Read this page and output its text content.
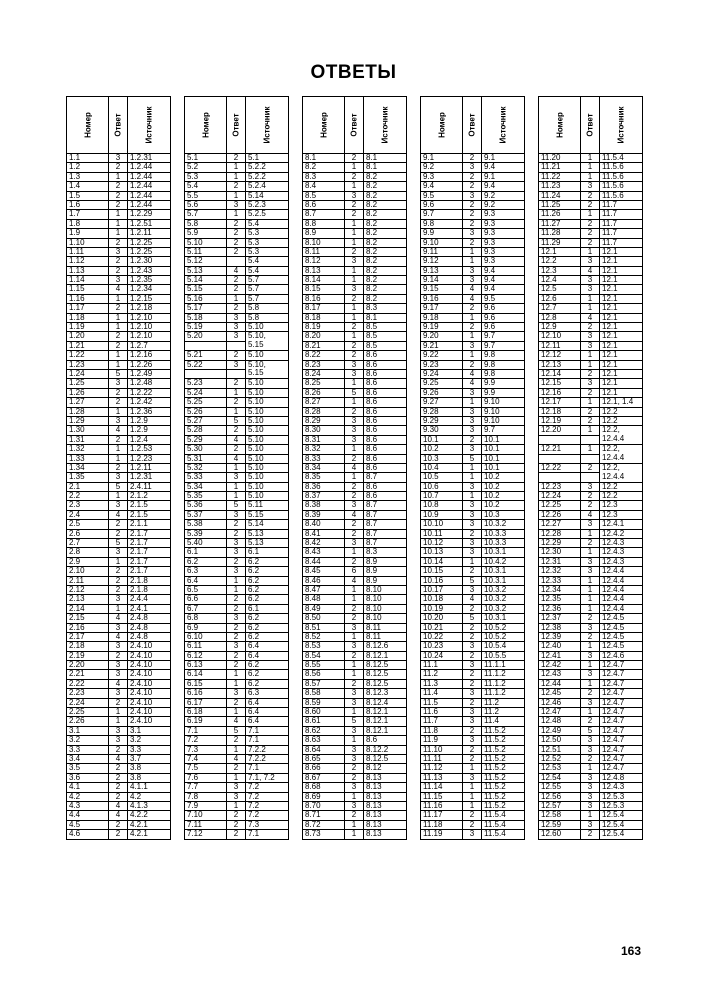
ОТВЕТЫ
Номер	Ответ	Источник

1.1	3	1.2.31
1.2	2	1.2.44
1.3	1	1.2.44
1.4	2	1.2.44
1.5	2	1.2.44
1.6	2	1.2.44
1.7	1	1.2.29
1.8	1	1.2.51
1.9	1	1.2.11
1.10	2	1.2.25
1.11	3	1.2.25
1.12	2	1.2.30
1.13	2	1.2.43
1.14	3	1.2.35
1.15	4	1.2.34
1.16	1	1.2.15
1.17	2	1.2.18
1.18	1	1.2.10
1.19	1	1.2.10
1.20	2	1.2.10
1.21	2	1.2.7
1.22	1	1.2.16
1.23	1	1.2.26
1.24	5	1.2.49
1.25	3	1.2.48
1.26	2	1.2.22
1.27	2	1.2.42
1.28	1	1.2.36
1.29	3	1.2.9
1.30	4	1.2.9
1.31	2	1.2.4
1.32	1	1.2.53
1.33	1	1.2.23
1.34	2	1.2.11
1.35	3	1.2.31
2.1	5	2.4.11
2.2	1	2.1.2
2.3	3	2.1.5
2.4	4	2.1.5
2.5	2	2.1.1
2.6	2	2.1.7
2.7	5	2.1.7
2.8	3	2.1.7
2.9	1	2.1.7
2.10	2	2.1.7
2.11	2	2.1.8
2.12	2	2.1.8
2.13	3	2.4.4
2.14	1	2.4.1
2.15	4	2.4.8
2.16	3	2.4.8
2.17	4	2.4.8
2.18	3	2.4.10
2.19	2	2.4.10
2.20	3	2.4.10
2.21	3	2.4.10
2.22	4	2.4.10
2.23	3	2.4.10
2.24	2	2.4.10
2.25	1	2.4.10
2.26	1	2.4.10
3.1	3	3.1
3.2	3	3.2
3.3	2	3.3
3.4	4	3.7
3.5	2	3.8
3.6	2	3.8
4.1	2	4.1.1
4.2	2	4.2
4.3	4	4.1.3
4.4	4	4.2.2
4.5	2	4.2.1
4.6	2	4.2.1
Номер	Ответ	Источник

5.1	2	5.1
5.2	1	5.2.2
5.3	1	5.2.2
5.4	2	5.2.4
5.5	1	5.14
5.6	3	5.2.3
5.7	1	5.2.5
5.8	2	5.4
5.9	2	5.3
5.10	2	5.3
5.11	2	5.3
5.12		5.4
5.13	4	5.4
5.14	2	5.7
5.15	2	5.7
5.16	1	5.7
5.17	2	5.8
5.18	3	5.8
5.19	3	5.10
5.20	3	5.10,
		5.15
5.21	2	5.10
5.22	3	5.10,
		5.15
5.23	2	5.10
5.24	1	5.10
5.25	2	5.10
5.26	1	5.10
5.27	5	5.10
5.28	2	5.10
5.29	4	5.10
5.30	2	5.10
5.31	4	5.10
5.32	1	5.10
5.33	3	5.10
5.34	1	5.10
5.35	1	5.10
5.36	5	5.11
5.37	3	5.15
5.38	2	5.14
5.39	2	5.13
5.40	3	5.13
6.1	3	6.1
6.2	2	6.2
6.3	3	6.2
6.4	1	6.2
6.5	1	6.2
6.6	2	6.2
6.7	2	6.1
6.8	3	6.2
6.9	2	6.2
6.10	2	6.2
6.11	3	6.4
6.12	2	6.4
6.13	2	6.2
6.14	1	6.2
6.15	1	6.2
6.16	3	6.3
6.17	2	6.4
6.18	1	6.4
6.19	4	6.4
7.1	5	7.1
7.2	2	7.1
7.3	1	7.2.2
7.4	4	7.2.2
7.5	2	7.1
7.6	1	7.1, 7.2
7.7	3	7.2
7.8	3	7.2
7.9	1	7.2
7.10	2	7.2
7.11	2	7.3
7.12	2	7.1
Номер	Ответ	Источник

8.1	2	8.1
8.2	1	8.1
8.3	2	8.2
8.4	1	8.2
8.5	3	8.2
8.6	2	8.2
8.7	2	8.2
8.8	1	8.2
8.9	1	8.2
8.10	1	8.2
8.11	2	8.2
8.12	3	8.2
8.13	1	8.2
8.14	1	8.2
8.15	3	8.2
8.16	2	8.2
8.17	1	8.3
8.18	1	8.1
8.19	2	8.5
8.20	1	8.5
8.21	2	8.5
8.22	2	8.6
8.23	3	8.6
8.24	3	8.6
8.25	1	8.6
8.26	5	8.6
8.27	1	8.6
8.28	2	8.6
8.29	3	8.6
8.30	3	8.6
8.31	3	8.6
8.32	1	8.6
8.33	2	8.6
8.34	4	8.6
8.35	1	8.7
8.36	2	8.6
8.37	2	8.6
8.38	3	8.7
8.39	4	8.7
8.40	2	8.7
8.41	2	8.7
8.42	3	8.7
8.43	1	8.3
8.44	2	8.9
8.45	6	8.9
8.46	4	8.9
8.47	1	8.10
8.48	1	8.10
8.49	2	8.10
8.50	2	8.10
8.51	3	8.11
8.52	1	8.11
8.53	3	8.12.6
8.54	2	8.12.1
8.55	1	8.12.5
8.56	1	8.12.5
8.57	2	8.12.5
8.58	3	8.12.3
8.59	3	8.12.4
8.60	1	8.12.1
8.61	5	8.12.1
8.62	3	8.12.1
8.63	1	8.6
8.64	3	8.12.2
8.65	3	8.12.5
8.66	2	8.12
8.67	2	8.13
8.68	3	8.13
8.69	1	8.13
8.70	3	8.13
8.71	2	8.13
8.72	1	8.13
8.73	1	8.13
Номер	Ответ	Источник

9.1	2	9.1
9.2	3	9.4
9.3	2	9.1
9.4	2	9.4
9.5	3	9.2
9.6	2	9.2
9.7	2	9.3
9.8	2	9.3
9.9	3	9.3
9.10	2	9.3
9.11	1	9.3
9.12	1	9.3
9.13	3	9.4
9.14	3	9.4
9.15	4	9.4
9.16	4	9.5
9.17	2	9.6
9.18	1	9.6
9.19	2	9.6
9.20	1	9.7
9.21	3	9.7
9.22	1	9.8
9.23	2	9.8
9.24	4	9.8
9.25	4	9.9
9.26	3	9.9
9.27	1	9.10
9.28	3	9.10
9.29	3	9.10
9.30	3	9.7
10.1	2	10.1
10.2	3	10.1
10.3	5	10.1
10.4	1	10.1
10.5	1	10.2
10.6	3	10.2
10.7	1	10.2
10.8	3	10.2
10.9	3	10.3
10.10	3	10.3.2
10.11	2	10.3.3
10.12	3	10.3.3
10.13	3	10.3.1
10.14	1	10.4.2
10.15	2	10.3.1
10.16	5	10.3.1
10.17	3	10.3.2
10.18	4	10.3.2
10.19	2	10.3.2
10.20	5	10.3.1
10.21	2	10.5.2
10.22	2	10.5.2
10.23	3	10.5.4
10.24	2	10.5.5
11.1	3	11.1.1
11.2	2	11.1.2
11.3	2	11.1.2
11.4	3	11.1.2
11.5	2	11.2
11.6	3	11.2
11.7	3	11.4
11.8	2	11.5.2
11.9	3	11.5.2
11.10	2	11.5.2
11.11	2	11.5.2
11.12	1	11.5.2
11.13	3	11.5.2
11.14	1	11.5.2
11.15	1	11.5.2
11.16	1	11.5.2
11.17	2	11.5.4
11.18	2	11.5.4
11.19	3	11.5.4
Номер	Ответ	Источник

11.20	1	11.5.4
11.21	1	11.5.6
11.22	1	11.5.6
11.23	3	11.5.6
11.24	2	11.5.6
11.25	2	11.7
11.26	1	11.7
11.27	2	11.7
11.28	2	11.7
11.29	2	11.7
12.1	1	12.1
12.2	3	12.1
12.3	4	12.1
12.4	3	12.1
12.5	3	12.1
12.6	1	12.1
12.7	1	12.1
12.8	4	12.1
12.9	2	12.1
12.10	3	12.1
12.11	3	12.1
12.12	1	12.1
12.13	1	12.1
12.14	2	12.1
12.15	3	12.1
12.16	2	12.1
12.17	1	12.1, 1.4
12.18	2	12.2
12.19	2	12.2
12.20	1	12.2,
		12.4.4
12.21	1	12.2,
		12.4.4
12.22	2	12.2,
		12.4.4
12.23	3	12.2
12.24	2	12.2
12.25	2	12.3
12.26	4	12.3
12.27	3	12.4.1
12.28	1	12.4.2
12.29	2	12.4.3
12.30	1	12.4.3
12.31	3	12.4.3
12.32	3	12.4.4
12.33	1	12.4.4
12.34	1	12.4.4
12.35	1	12.4.4
12.36	1	12.4.4
12.37	2	12.4.5
12.38	3	12.4.5
12.39	2	12.4.5
12.40	1	12.4.5
12.41	3	12.4.6
12.42	1	12.4.7
12.43	3	12.4.7
12.44	1	12.4.7
12.45	2	12.4.7
12.46	3	12.4.7
12.47	1	12.4.7
12.48	2	12.4.7
12.49	5	12.4.7
12.50	3	12.4.7
12.51	3	12.4.7
12.52	2	12.4.7
12.53	1	12.4.7
12.54	3	12.4.8
12.55	3	12.4.3
12.56	3	12.5.3
12.57	3	12.5.3
12.58	1	12.5.4
12.59	3	12.5.4
12.60	2	12.5.4
163
